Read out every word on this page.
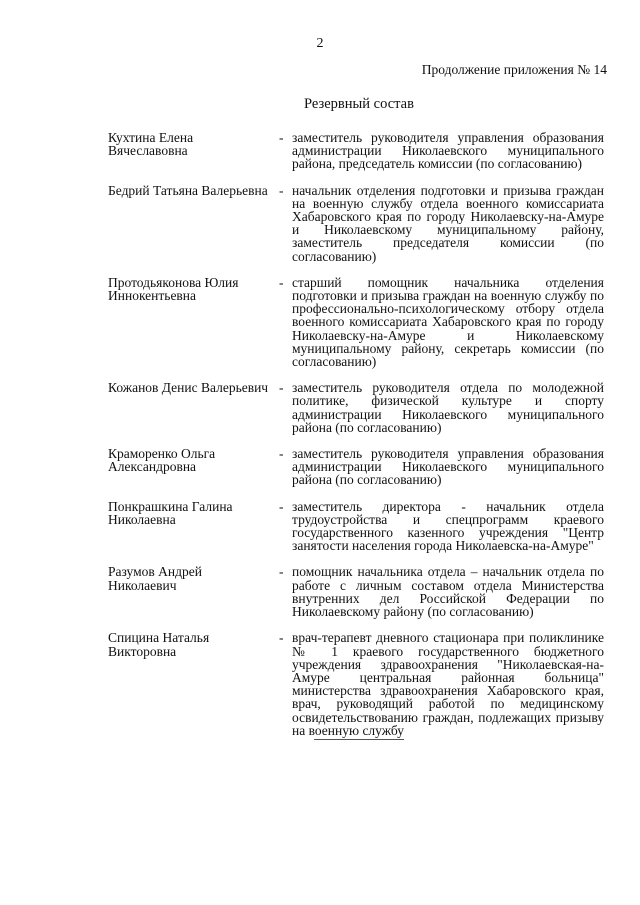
2
Продолжение приложения № 14
Резервный состав
Кухтина Елена Вячеславовна
- заместитель руководителя управления образования администрации Николаевского муниципального района, председатель комиссии (по согласованию)
Бедрий Татьяна Валерьевна - начальник отделения подготовки и призыва граждан на военную службу отдела военного комиссариата Хабаровского края по городу Николаевску-на-Амуре и Николаевскому муниципальному району, заместитель председателя комиссии (по согласованию)
Протодьяконова Юлия Иннокентьевна
- старший помощник начальника отделения подготовки и призыва граждан на военную службу по профессионально-психологическому отбору отдела военного комиссариата Хабаровского края по городу Николаевску-на-Амуре и Николаевскому муниципальному району, секретарь комиссии (по согласованию)
Кожанов Денис Валерьевич - заместитель руководителя отдела по молодежной политике, физической культуре и спорту администрации Николаевского муниципального района (по согласованию)
Краморенко Ольга Александровна
- заместитель руководителя управления образования администрации Николаевского муниципального района (по согласованию)
Понкрашкина Галина Николаевна
- заместитель директора - начальник отдела трудоустройства и спецпрограмм краевого государственного казенного учреждения "Центр занятости населения города Николаевска-на-Амуре"
Разумов Андрей Николаевич
- помощник начальника отдела – начальник отдела по работе с личным составом отдела Министерства внутренних дел Российской Федерации по Николаевскому району (по согласованию)
Спицина Наталья Викторовна
- врач-терапевт дневного стационара при поликлинике № 1 краевого государственного бюджетного учреждения здравоохранения "Николаевская-на-Амуре центральная районная больница" министерства здравоохранения Хабаровского края, врач, руководящий работой по медицинскому освидетельствованию граждан, подлежащих призыву на военную службу
